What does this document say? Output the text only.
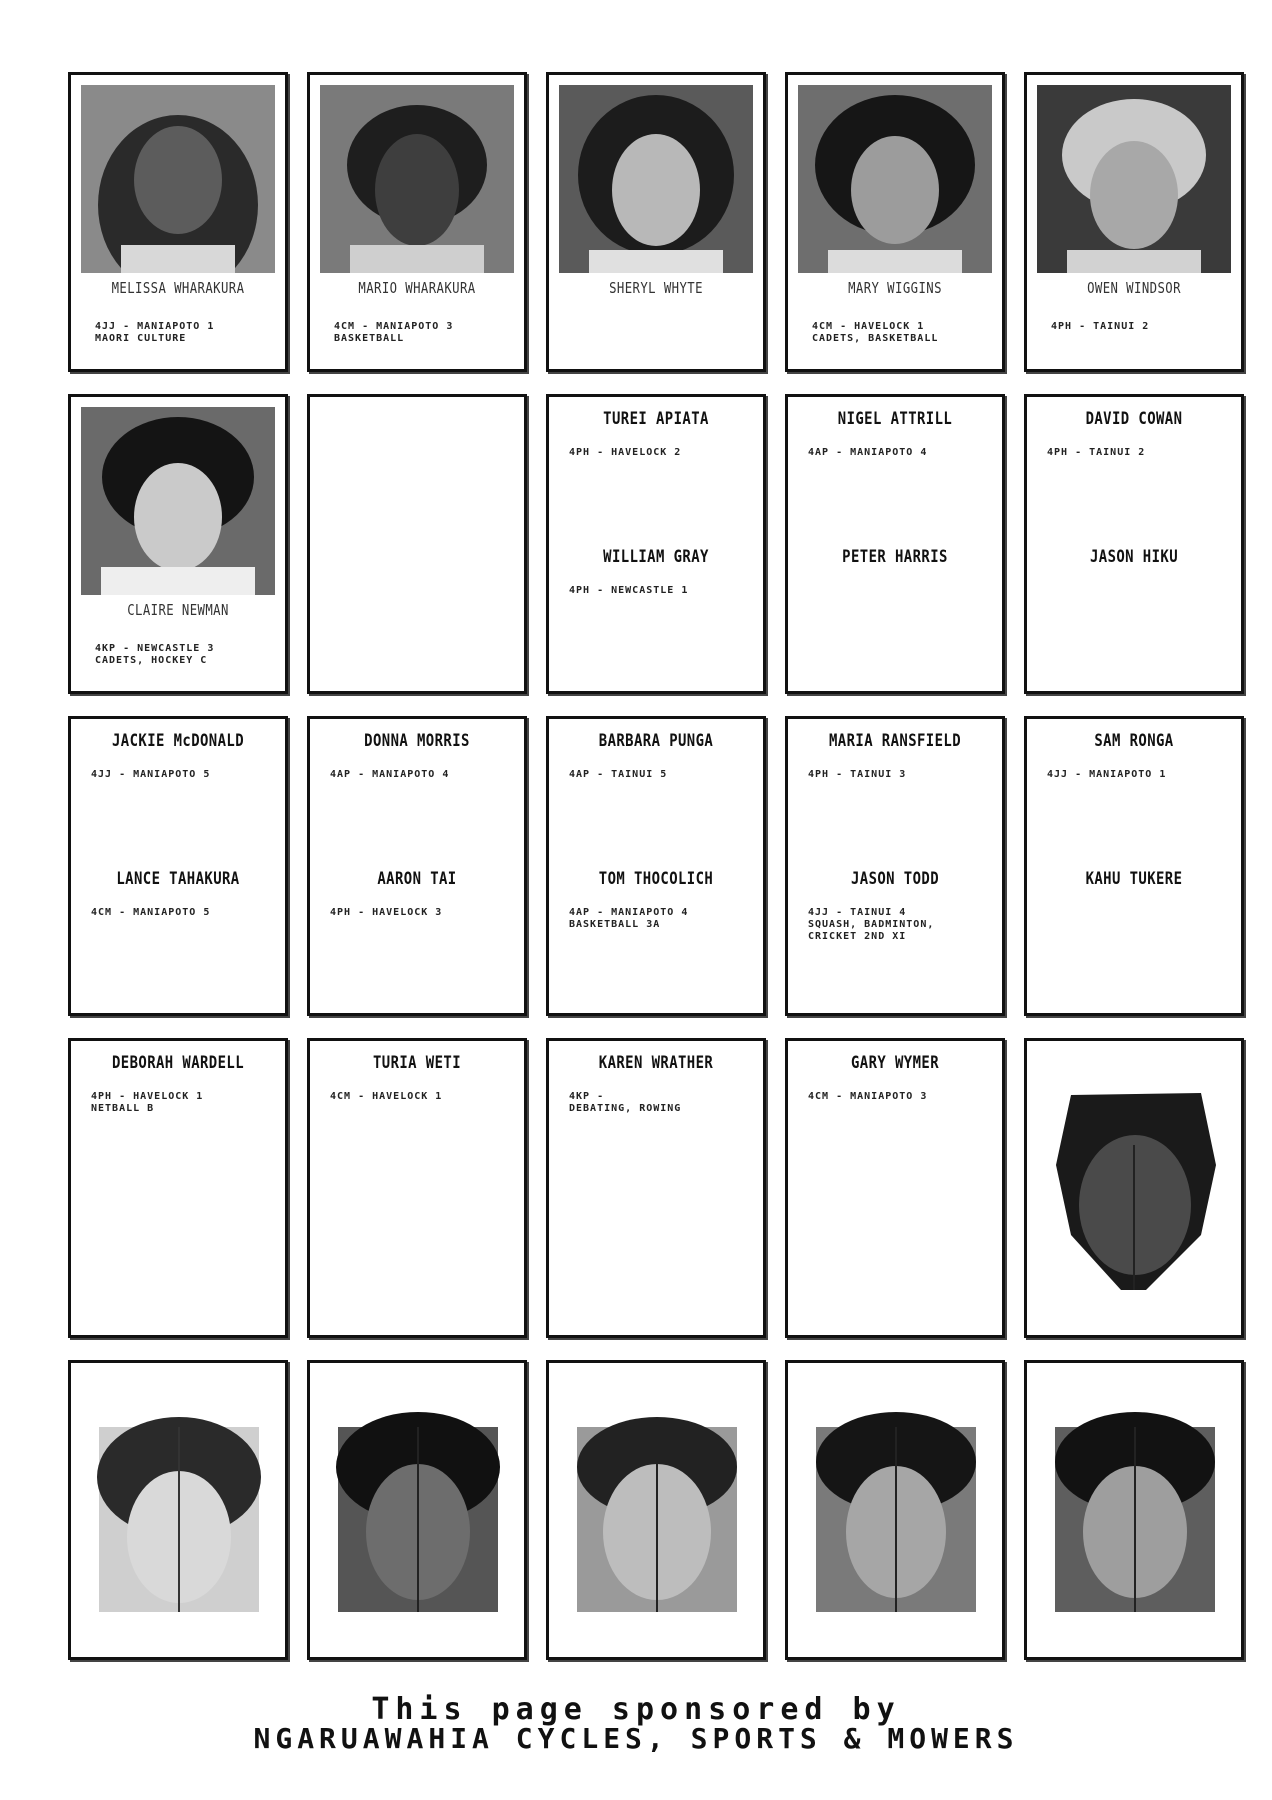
MELISSA WHARAKURA
4JJ - MANIAPOTO 1
MAORI CULTURE
MARIO WHARAKURA
4CM - MANIAPOTO 3
BASKETBALL
SHERYL WHYTE	MARY WIGGINS
4CM - HAVELOCK 1
CADETS, BASKETBALL
OWEN WINDSOR
4PH - TAINUI 2
CLAIRE NEWMAN
4KP - NEWCASTLE 3
CADETS, HOCKEY C
TUREI APIATA
4PH - HAVELOCK 2
WILLIAM GRAY
4PH - NEWCASTLE 1
NIGEL ATTRILL
4AP - MANIAPOTO 4
PETER HARRIS
DAVID COWAN
4PH - TAINUI 2
JASON HIKU
JACKIE McDONALD
4JJ - MANIAPOTO 5
LANCE TAHAKURA
4CM - MANIAPOTO 5
DONNA MORRIS
4AP - MANIAPOTO 4
AARON TAI
4PH - HAVELOCK 3
BARBARA PUNGA
4AP - TAINUI 5
TOM THOCOLICH
4AP - MANIAPOTO 4
BASKETBALL 3A
MARIA RANSFIELD
4PH - TAINUI 3
JASON TODD
4JJ - TAINUI 4
SQUASH, BADMINTON,
CRICKET 2ND XI
SAM RONGA
4JJ - MANIAPOTO 1
KAHU TUKERE
DEBORAH WARDELL
4PH - HAVELOCK 1
NETBALL B
TURIA WETI
4CM - HAVELOCK 1
KAREN WRATHER
4KP -
DEBATING, ROWING
GARY WYMER
4CM - MANIAPOTO 3
This page sponsored by
NGARUAWAHIA CYCLES, SPORTS & MOWERS
